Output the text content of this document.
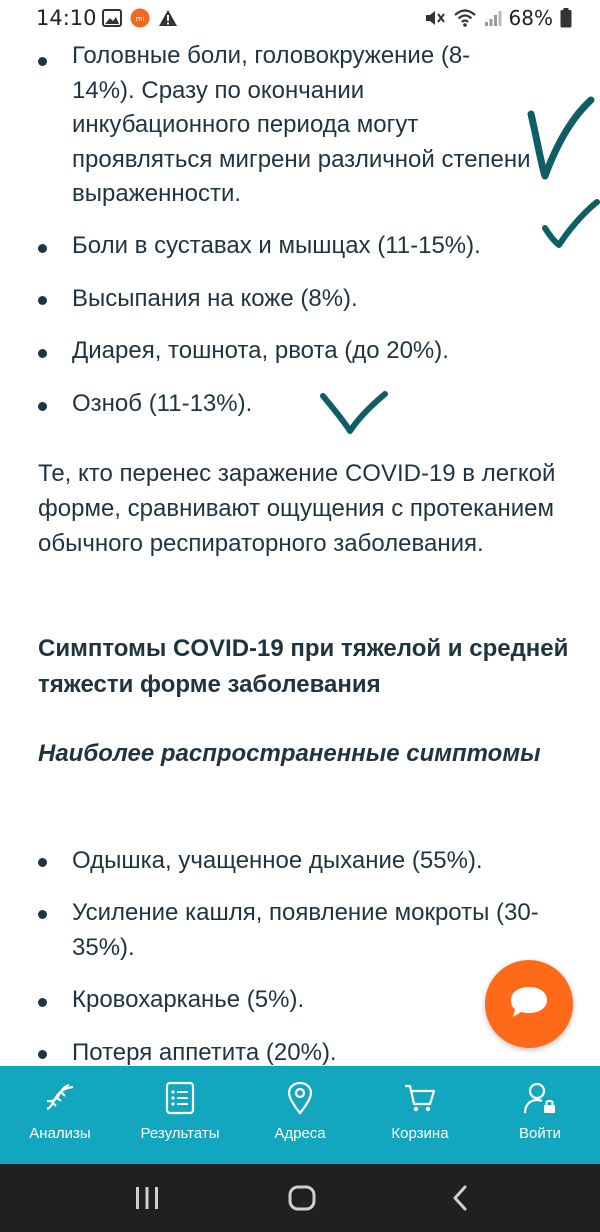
14:10	mi	68%
Головные боли, головокружение (8-14%). Сразу по окончании инкубационного периода могут проявляться мигрени различной степени выраженности.
Боли в суставах и мышцах (11-15%).
Высыпания на коже (8%).
Диарея, тошнота, рвота (до 20%).
Озноб (11-13%).
Те, кто перенес заражение COVID-19 в легкой форме, сравнивают ощущения с протеканием обычного респираторного заболевания.
Симптомы COVID-19 при тяжелой и средней тяжести форме заболевания
Наиболее распространенные симптомы
Одышка, учащенное дыхание (55%).
Усиление кашля, появление мокроты (30-35%).
Кровохарканье (5%).
Потеря аппетита (20%).
Анализы	Результаты	Адреса	Корзина	Войти
